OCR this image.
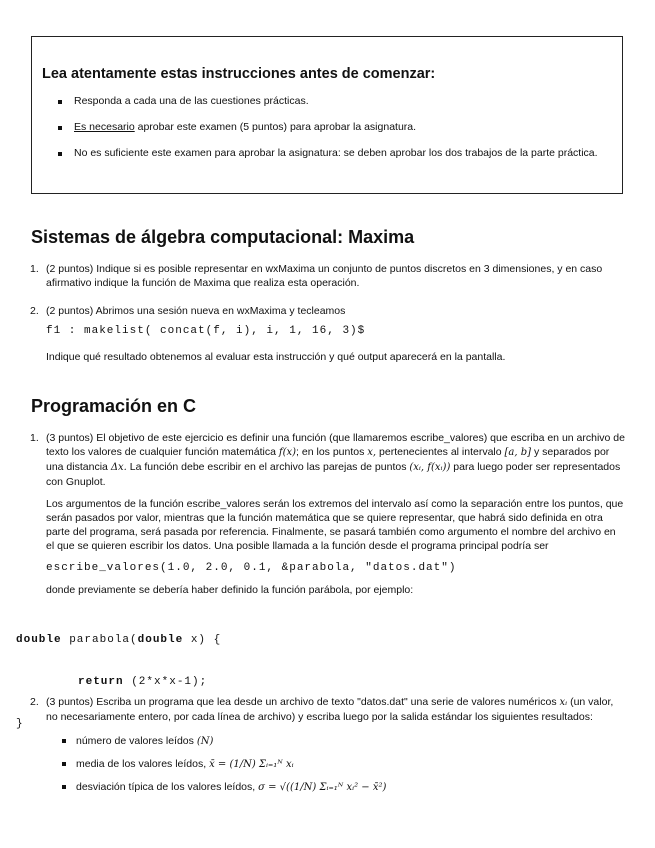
Lea atentamente estas instrucciones antes de comenzar:
Responda a cada una de las cuestiones prácticas.
Es necesario aprobar este examen (5 puntos) para aprobar la asignatura.
No es suficiente este examen para aprobar la asignatura: se deben aprobar los dos trabajos de la parte práctica.
Sistemas de álgebra computacional: Maxima
1. (2 puntos) Indique si es posible representar en wxMaxima un conjunto de puntos discretos en 3 dimensiones, y en caso afirmativo indique la función de Maxima que realiza esta operación.

2. (2 puntos) Abrimos una sesión nueva en wxMaxima y tecleamos

f1 : makelist( concat(f, i), i, 1, 16, 3)$

Indique qué resultado obtenemos al evaluar esta instrucción y qué output aparecerá en la pantalla.

Programación en C
1. (3 puntos) El objetivo de este ejercicio es definir una función (que llamaremos escribe_valores) que escriba en un archivo de texto los valores de cualquier función matemática f(x); en los puntos x, pertenecientes al intervalo [a, b] y separados por una distancia Δx. La función debe escribir en el archivo las parejas de puntos (xᵢ, f(xᵢ)) para luego poder ser representados con Gnuplot.

Los argumentos de la función escribe_valores serán los extremos del intervalo así como la separación entre los puntos, que serán pasados por valor, mientras que la función matemática que se quiere representar, que habrá sido definida en otra parte del programa, será pasada por referencia. Finalmente, se pasará también como argumento el nombre del archivo en el que se quieren escribir los datos. Una posible llamada a la función desde el programa principal podría ser

escribe_valores(1.0, 2.0, 0.1, &parabola, "datos.dat")

donde previamente se debería haber definido la función parábola, por ejemplo:

double parabola(double x) {

return (2*x*x-1);

}

2. (3 puntos) Escriba un programa que lea desde un archivo de texto "datos.dat" una serie de valores numéricos xᵢ (un valor, no necesariamente entero, por cada línea de archivo) y escriba luego por la salida estándar los siguientes resultados:

número de valores leídos (N)
media de los valores leídos, x̄ = (1/N) Σᵢ₌₁ᴺ xᵢ
desviación típica de los valores leídos, σ = √((1/N) Σᵢ₌₁ᴺ xᵢ² − x̄²)
